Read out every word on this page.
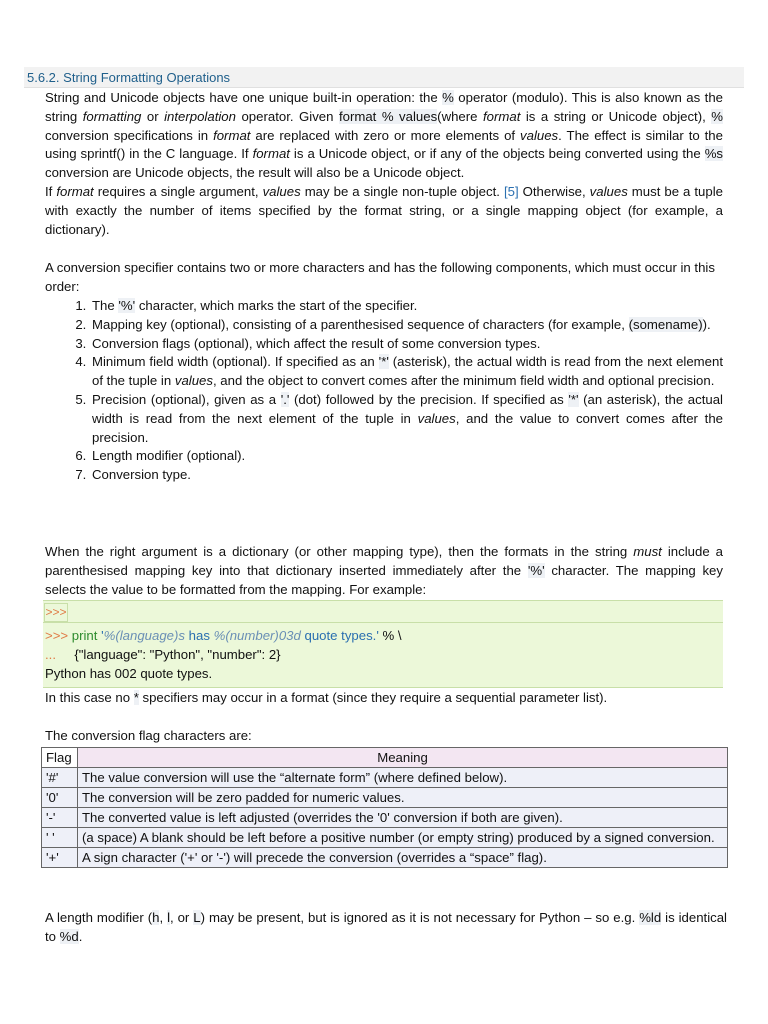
5.6.2. String Formatting Operations
String and Unicode objects have one unique built-in operation: the % operator (modulo). This is also known as the string formatting or interpolation operator. Given format % values(where format is a string or Unicode object), % conversion specifications in format are replaced with zero or more elements of values. The effect is similar to the using sprintf() in the C language. If format is a Unicode object, or if any of the objects being converted using the %s conversion are Unicode objects, the result will also be a Unicode object.
If format requires a single argument, values may be a single non-tuple object. [5] Otherwise, values must be a tuple with exactly the number of items specified by the format string, or a single mapping object (for example, a dictionary).
A conversion specifier contains two or more characters and has the following components, which must occur in this order:
1. The '%' character, which marks the start of the specifier.
2. Mapping key (optional), consisting of a parenthesised sequence of characters (for example, (somename)).
3. Conversion flags (optional), which affect the result of some conversion types.
4. Minimum field width (optional). If specified as an '*' (asterisk), the actual width is read from the next element of the tuple in values, and the object to convert comes after the minimum field width and optional precision.
5. Precision (optional), given as a '.' (dot) followed by the precision. If specified as '*' (an asterisk), the actual width is read from the next element of the tuple in values, and the value to convert comes after the precision.
6. Length modifier (optional).
7. Conversion type.
When the right argument is a dictionary (or other mapping type), then the formats in the string must include a parenthesised mapping key into that dictionary inserted immediately after the '%' character. The mapping key selects the value to be formatted from the mapping. For example:
>>>
>>> print '%(language)s has %(number)03d quote types.' % \
...     {"language": "Python", "number": 2}
Python has 002 quote types.
In this case no * specifiers may occur in a format (since they require a sequential parameter list).
The conversion flag characters are:
Flag	Meaning
'#'	The value conversion will use the “alternate form” (where defined below).
'0'	The conversion will be zero padded for numeric values.
'-'	The converted value is left adjusted (overrides the '0' conversion if both are given).
' '	(a space) A blank should be left before a positive number (or empty string) produced by a signed conversion.
'+'	A sign character ('+' or '-') will precede the conversion (overrides a “space” flag).
A length modifier (h, l, or L) may be present, but is ignored as it is not necessary for Python – so e.g. %ld is identical to %d.
